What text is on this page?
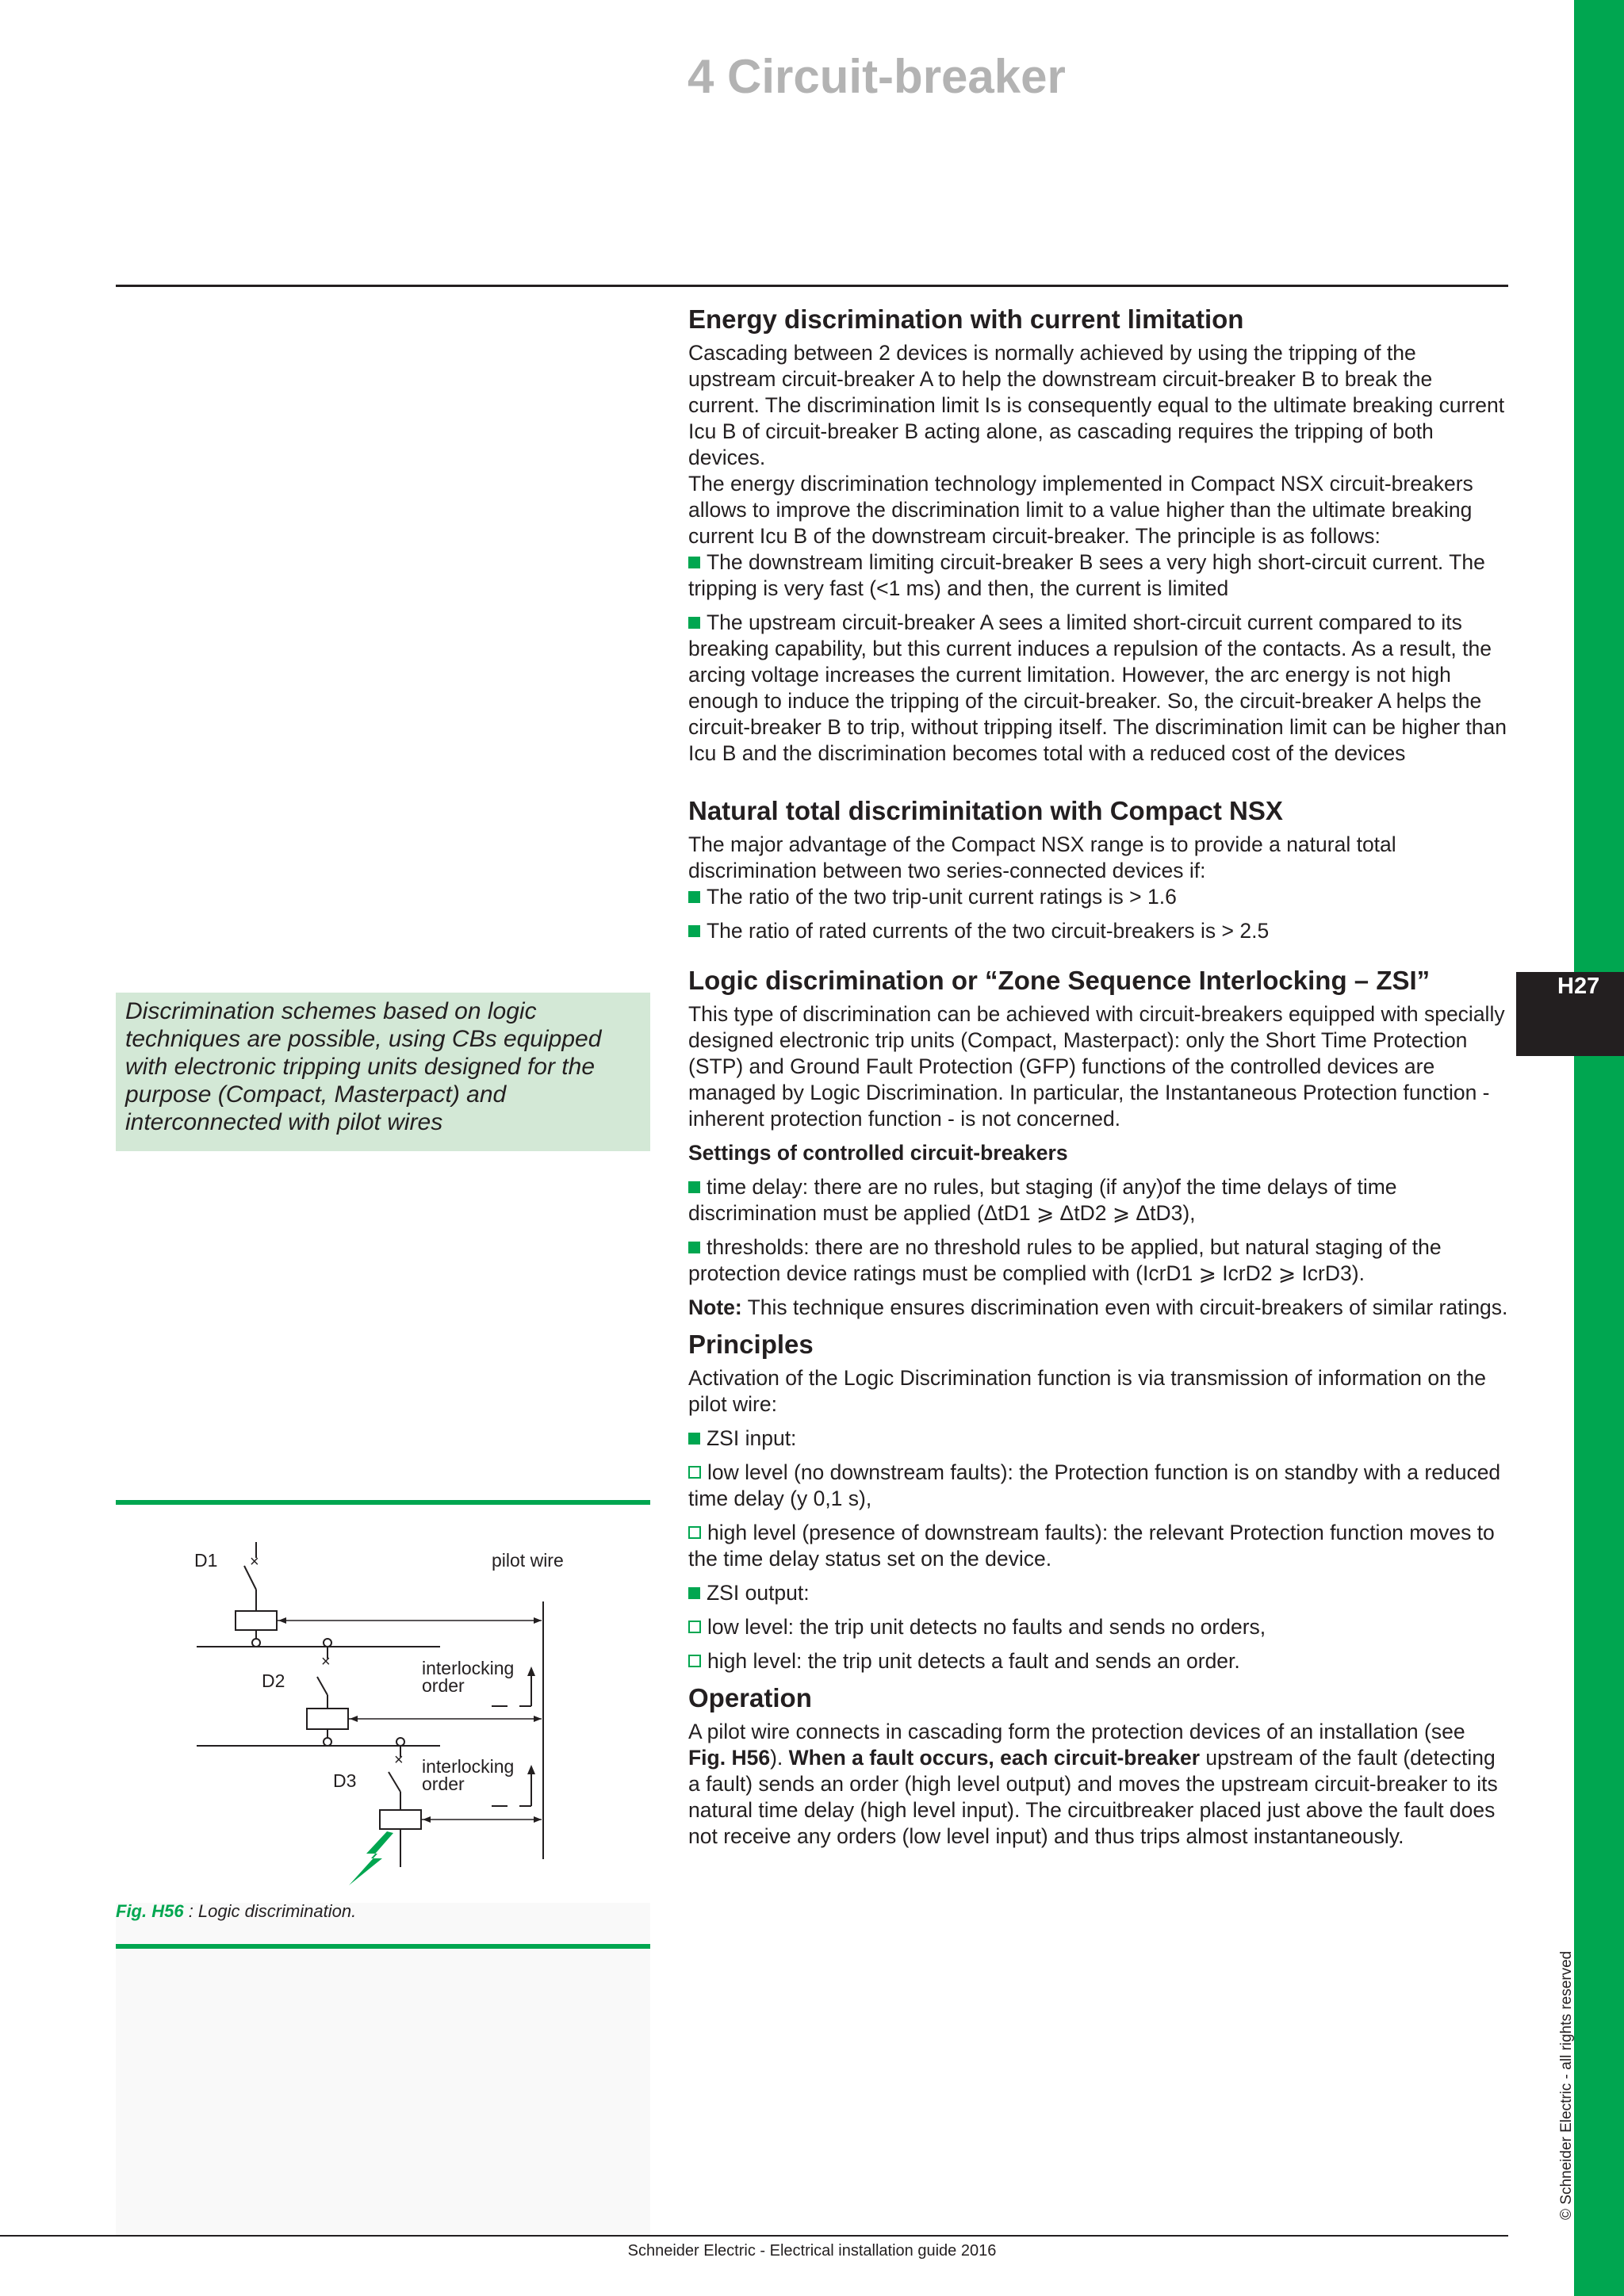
H27
© Schneider Electric - all rights reserved
4 Circuit-breaker
Discrimination schemes based on logic techniques are possible, using CBs equipped with electronic tripping units designed for the purpose (Compact, Masterpact) and interconnected with pilot wires
pilot wire
D1 ×
×
D2
interlocking
order
×
D3
interlocking
order
Fig. H56 : Logic discrimination.
Energy discrimination with current limitation

Cascading between 2 devices is normally achieved by using the tripping of the upstream circuit-breaker A to help the downstream circuit-breaker B to break the current. The discrimination limit Is is consequently equal to the ultimate breaking current Icu B of circuit-breaker B acting alone, as cascading requires the tripping of both devices.

The energy discrimination technology implemented in Compact NSX circuit-breakers allows to improve the discrimination limit to a value higher than the ultimate breaking current Icu B of the downstream circuit-breaker. The principle is as follows:

The downstream limiting circuit-breaker B sees a very high short-circuit current. The tripping is very fast (<1 ms) and then, the current is limited

The upstream circuit-breaker A sees a limited short-circuit current compared to its breaking capability, but this current induces a repulsion of the contacts. As a result, the arcing voltage increases the current limitation. However, the arc energy is not high enough to induce the tripping of the circuit-breaker. So, the circuit-breaker A helps the circuit-breaker B to trip, without tripping itself. The discrimination limit can be higher than Icu B and the discrimination becomes total with a reduced cost of the devices

Natural total discriminitation with Compact NSX

The major advantage of the Compact NSX range is to provide a natural total discrimination between two series-connected devices if:

The ratio of the two trip-unit current ratings is > 1.6

The ratio of rated currents of the two circuit-breakers is > 2.5

Logic discrimination or “Zone Sequence Interlocking – ZSI”

This type of discrimination can be achieved with circuit-breakers equipped with specially designed electronic trip units (Compact, Masterpact): only the Short Time Protection (STP) and Ground Fault Protection (GFP) functions of the controlled devices are managed by Logic Discrimination. In particular, the Instantaneous Protection function - inherent protection function - is not concerned.

Settings of controlled circuit-breakers

time delay: there are no rules, but staging (if any)of the time delays of time discrimination must be applied (ΔtD1 ⩾ ΔtD2 ⩾ ΔtD3),

thresholds: there are no threshold rules to be applied, but natural staging of the protection device ratings must be complied with (IcrD1 ⩾ IcrD2 ⩾ IcrD3).

Note: This technique ensures discrimination even with circuit-breakers of similar ratings.

Principles

Activation of the Logic Discrimination function is via transmission of information on the pilot wire:

ZSI input:

low level (no downstream faults): the Protection function is on standby with a reduced time delay (y 0,1 s),

high level (presence of downstream faults): the relevant Protection function moves to the time delay status set on the device.

ZSI output:

low level: the trip unit detects no faults and sends no orders,

high level: the trip unit detects a fault and sends an order.

Operation

A pilot wire connects in cascading form the protection devices of an installation (see Fig. H56). When a fault occurs, each circuit-breaker upstream of the fault (detecting a fault) sends an order (high level output) and moves the upstream circuit-breaker to its natural time delay (high level input). The circuitbreaker placed just above the fault does not receive any orders (low level input) and thus trips almost instantaneously.

Schneider Electric - Electrical installation guide 2016
